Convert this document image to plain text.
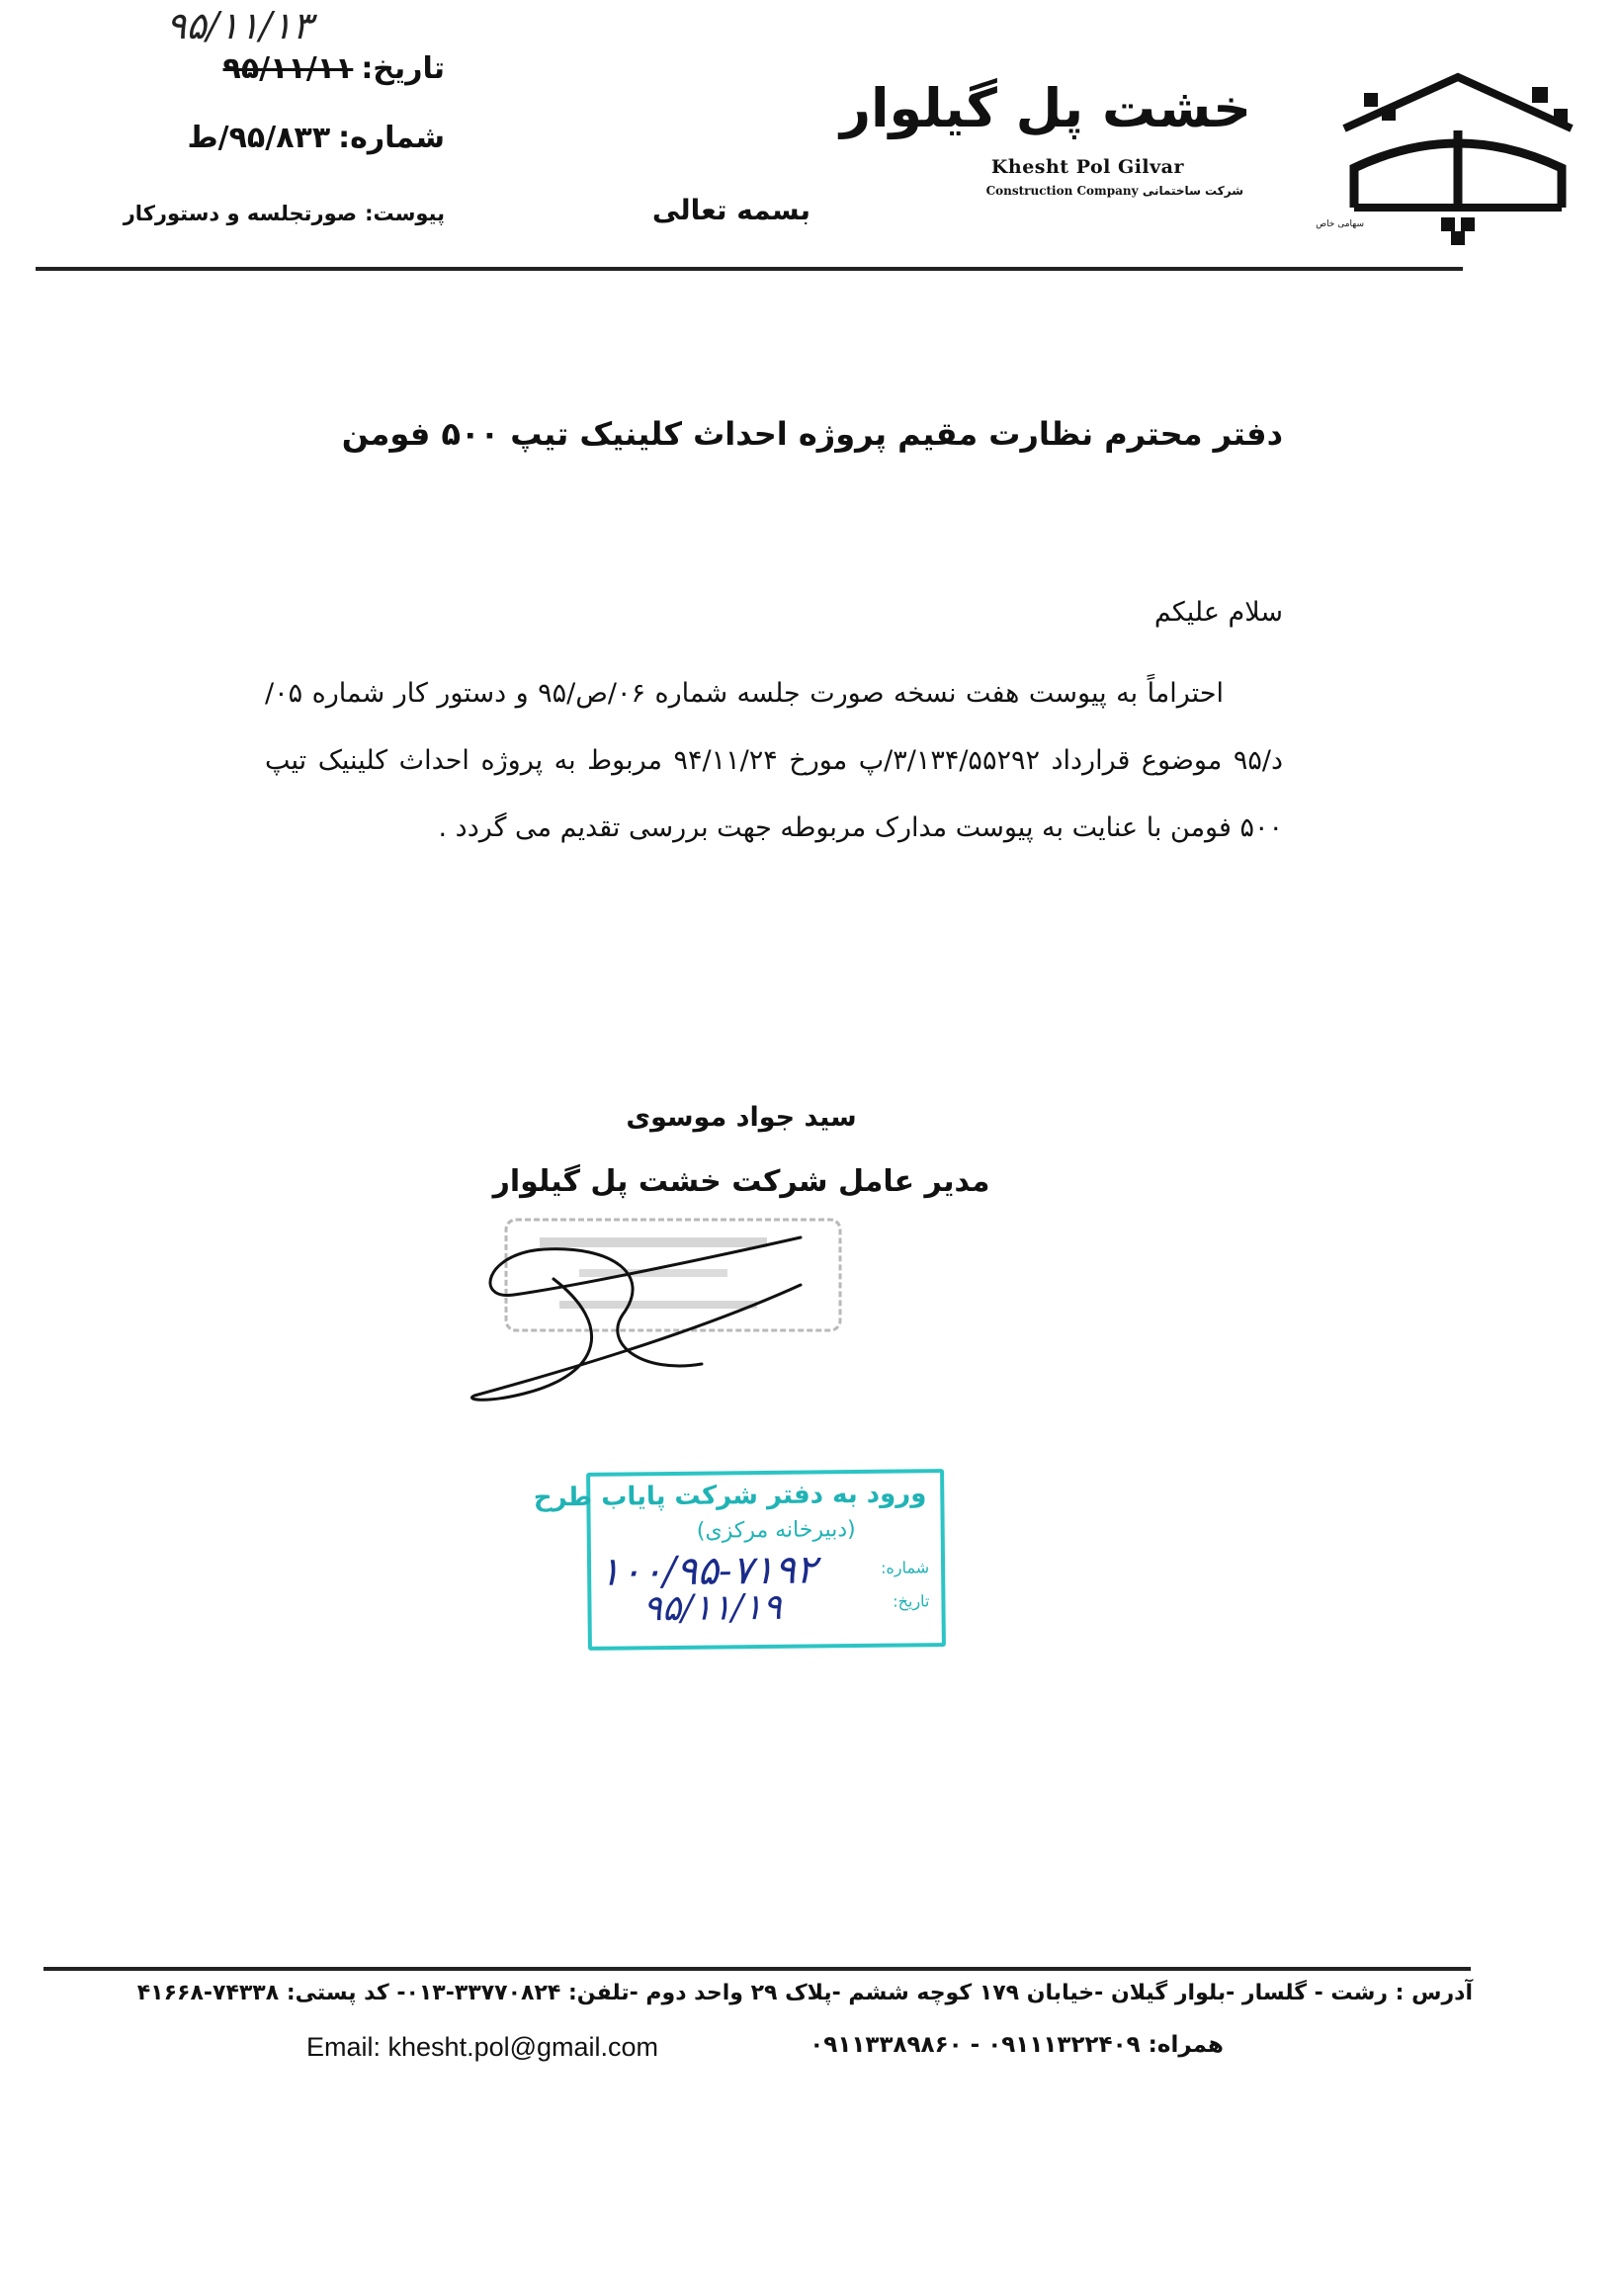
خشت پل گیلوار
Khesht Pol Gilvar
Construction Company شرکت ساختمانی
سهامی خاص
۹۵/۱۱/۱۳
تاریخ:۹۵/۱۱/۱۱
شماره:۹۵/۸۳۳/ط
پیوست:صورتجلسه و دستورکار	بسمه تعالی
دفتر محترم نظارت مقیم پروژه احداث کلینیک تیپ ۵۰۰ فومن
سلام علیکم
احتراماً به پیوست هفت نسخه صورت جلسه شماره ۰۶/ص/۹۵ و دستور کار شماره ۰۵/د/۹۵ موضوع قرارداد ۳/۱۳۴/۵۵۲۹۲/پ مورخ ۹۴/۱۱/۲۴ مربوط به پروژه احداث کلینیک تیپ ۵۰۰ فومن با عنایت به پیوست مدارک مربوطه جهت بررسی تقدیم می گردد .
سید جواد موسوی
مدیر عامل شرکت خشت پل گیلوار
ورود به دفتر شرکت پایاب طرح
(دبیرخانه مرکزی)
شماره:
تاریخ:
۱۰۰/۹۵-۷۱۹۲
۹۵/۱۱/۱۹
آدرس : رشت - گلسار -بلوار گیلان -خیابان ۱۷۹ کوچه ششم -پلاک ۲۹ واحد دوم -تلفن: ۳۳۷۷۰۸۲۴-۰۱۳- کد پستی: ۷۴۳۳۸-۴۱۶۶۸
همراه: ۰۹۱۱۱۳۲۲۴۰۹ - ۰۹۱۱۳۳۸۹۸۶۰
Email: khesht.pol@gmail.com
